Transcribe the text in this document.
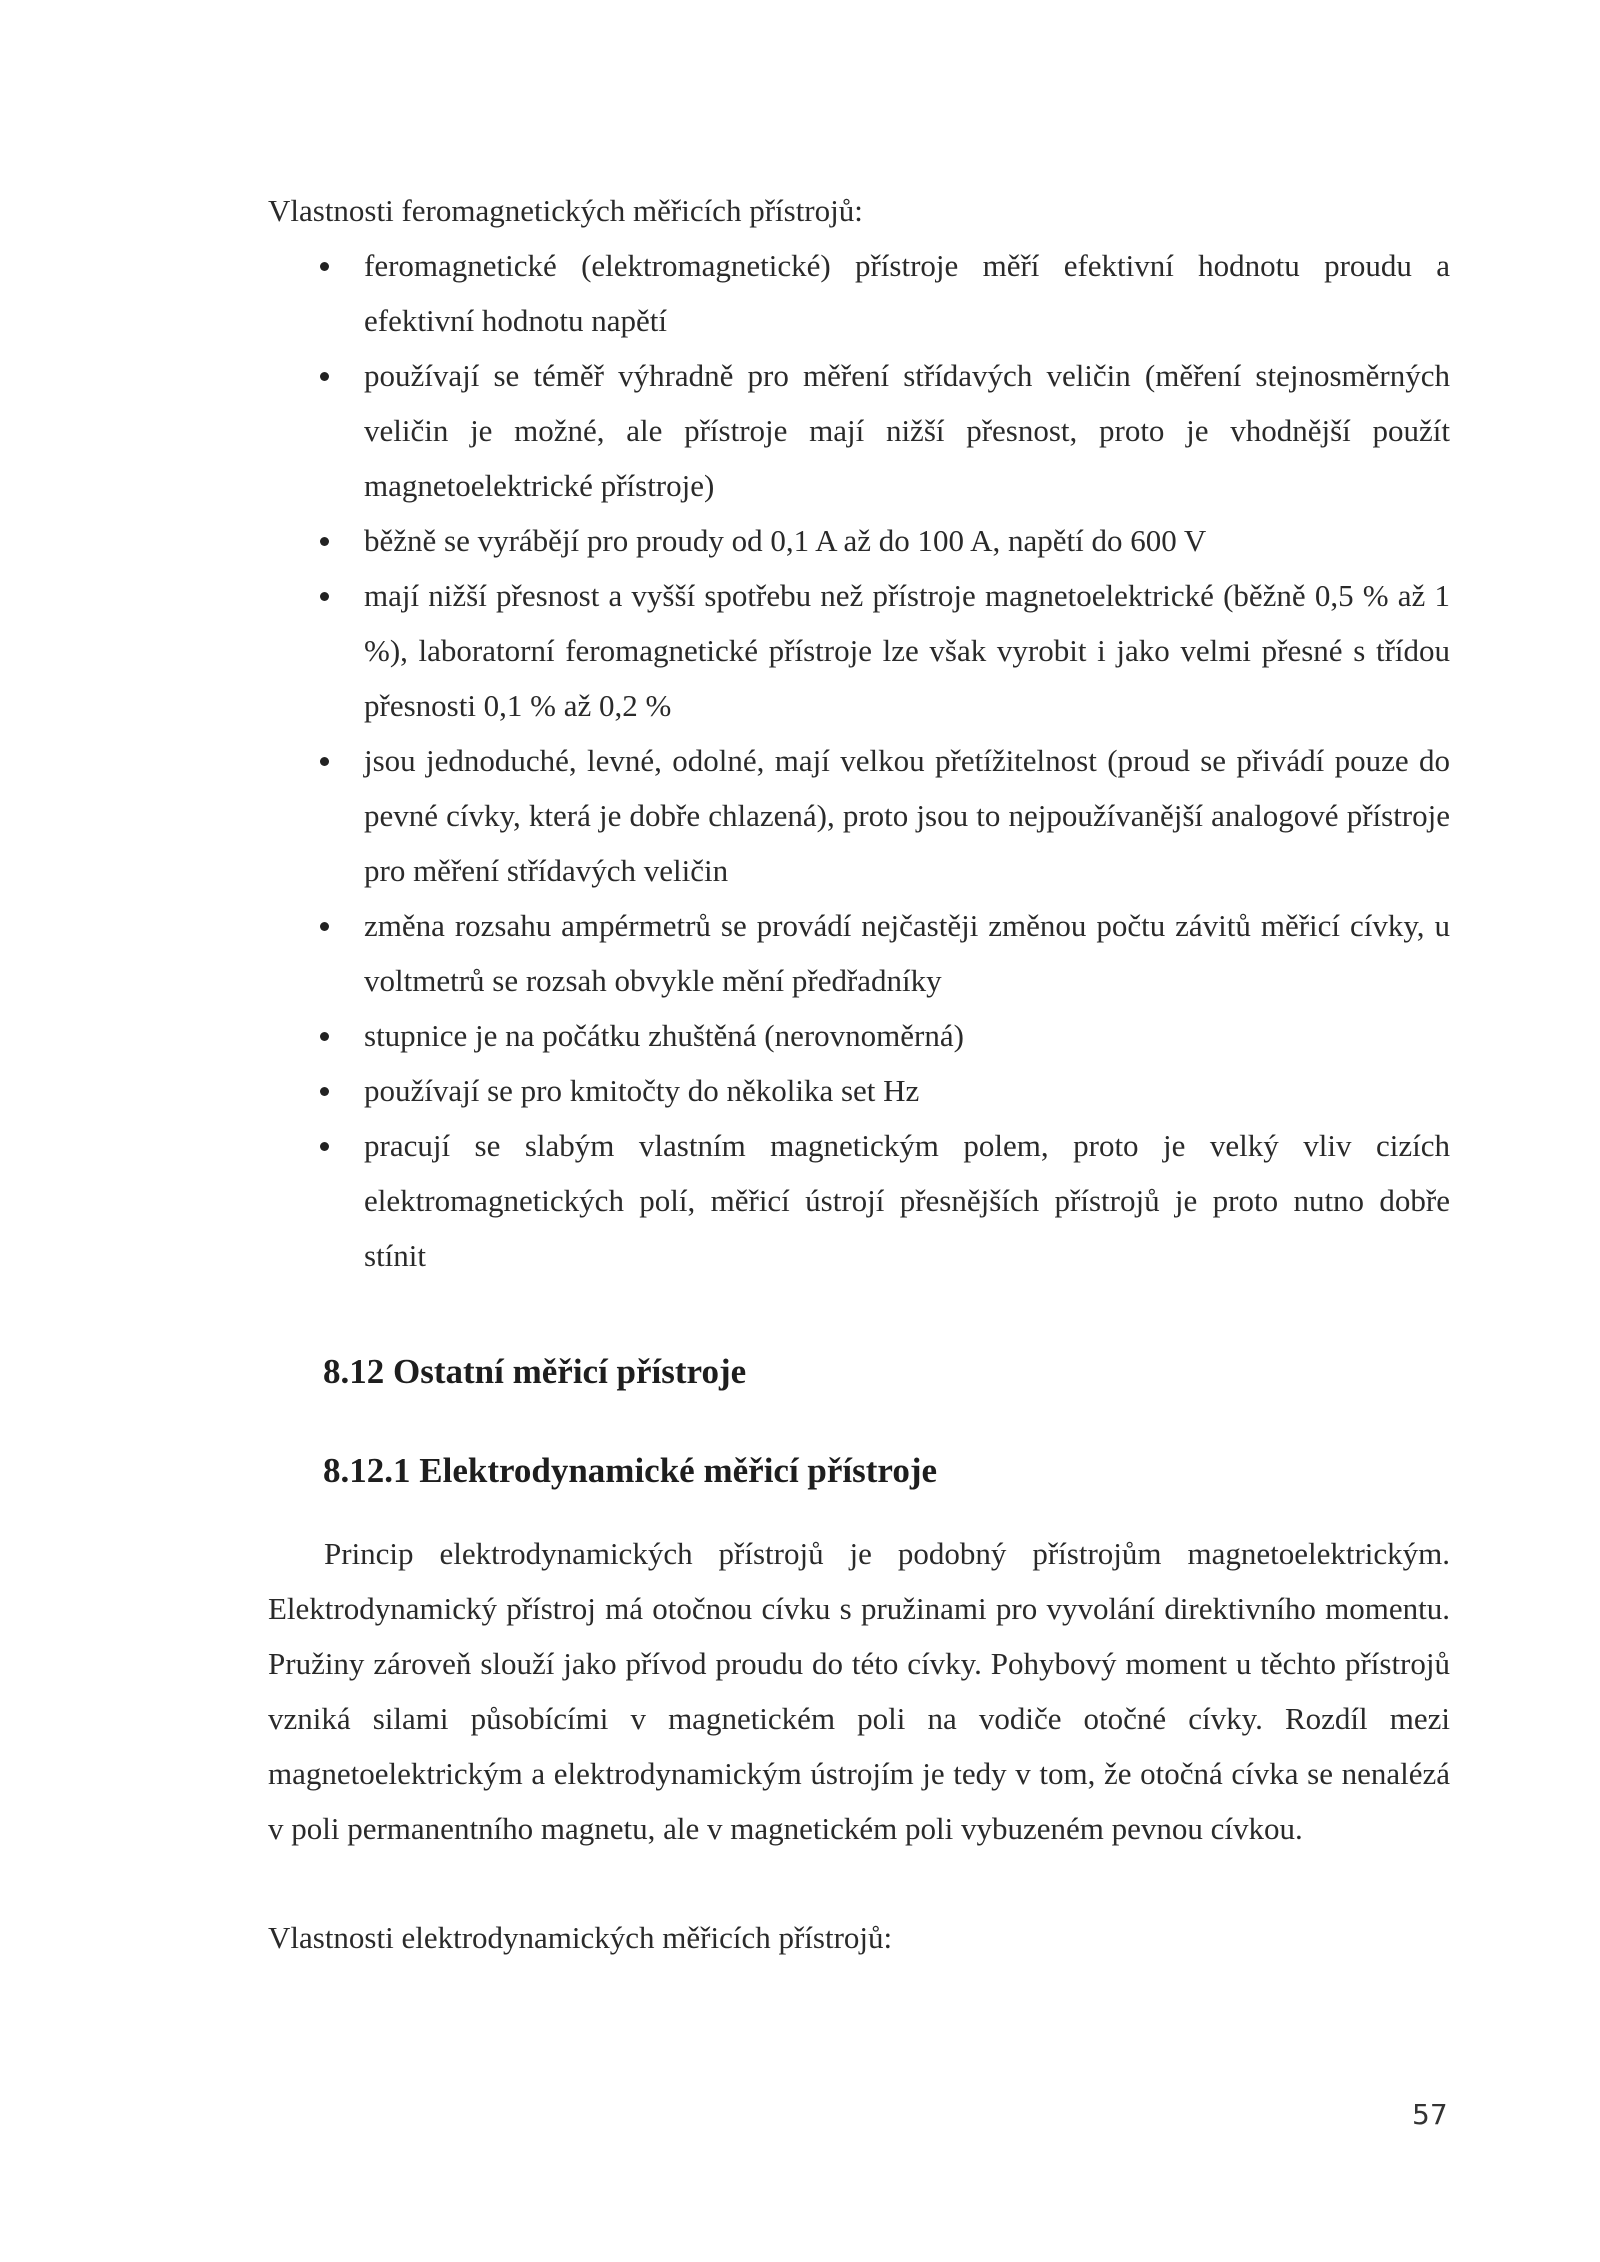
Vlastnosti feromagnetických měřicích přístrojů:
feromagnetické (elektromagnetické) přístroje měří efektivní hodnotu proudu a efektivní hodnotu napětí
používají se téměř výhradně pro měření střídavých veličin (měření stejnosměrných veličin je možné, ale přístroje mají nižší přesnost, proto je vhodnější použít magnetoelektrické přístroje)
běžně se vyrábějí pro proudy od 0,1 A až do 100 A, napětí do 600 V
mají nižší přesnost a vyšší spotřebu než přístroje magnetoelektrické (běžně 0,5 % až 1 %), laboratorní feromagnetické přístroje lze však vyrobit i jako velmi přesné s třídou přesnosti 0,1 % až 0,2 %
jsou jednoduché, levné, odolné, mají velkou přetížitelnost (proud se přivádí pouze do pevné cívky, která je dobře chlazená), proto jsou to nejpoužívanější analogové přístroje pro měření střídavých veličin
změna rozsahu ampérmetrů se provádí nejčastěji změnou počtu závitů měřicí cívky, u voltmetrů se rozsah obvykle mění předřadníky
stupnice je na počátku zhuštěná (nerovnoměrná)
používají se pro kmitočty do několika set Hz
pracují se slabým vlastním magnetickým polem, proto je velký vliv cizích elektromagnetických polí, měřicí ústrojí přesnějších přístrojů je proto nutno dobře stínit
8.12 Ostatní měřicí přístroje
8.12.1 Elektrodynamické měřicí přístroje
Princip elektrodynamických přístrojů je podobný přístrojům magnetoelektrickým. Elektrodynamický přístroj má otočnou cívku s pružinami pro vyvolání direktivního momentu. Pružiny zároveň slouží jako přívod proudu do této cívky. Pohybový moment u těchto přístrojů vzniká silami působícími v magnetickém poli na vodiče otočné cívky. Rozdíl mezi magnetoelektrickým a elektrodynamickým ústrojím je tedy v tom, že otočná cívka se nenalézá v poli permanentního magnetu, ale v magnetickém poli vybuzeném pevnou cívkou.
Vlastnosti elektrodynamických měřicích přístrojů:
57
